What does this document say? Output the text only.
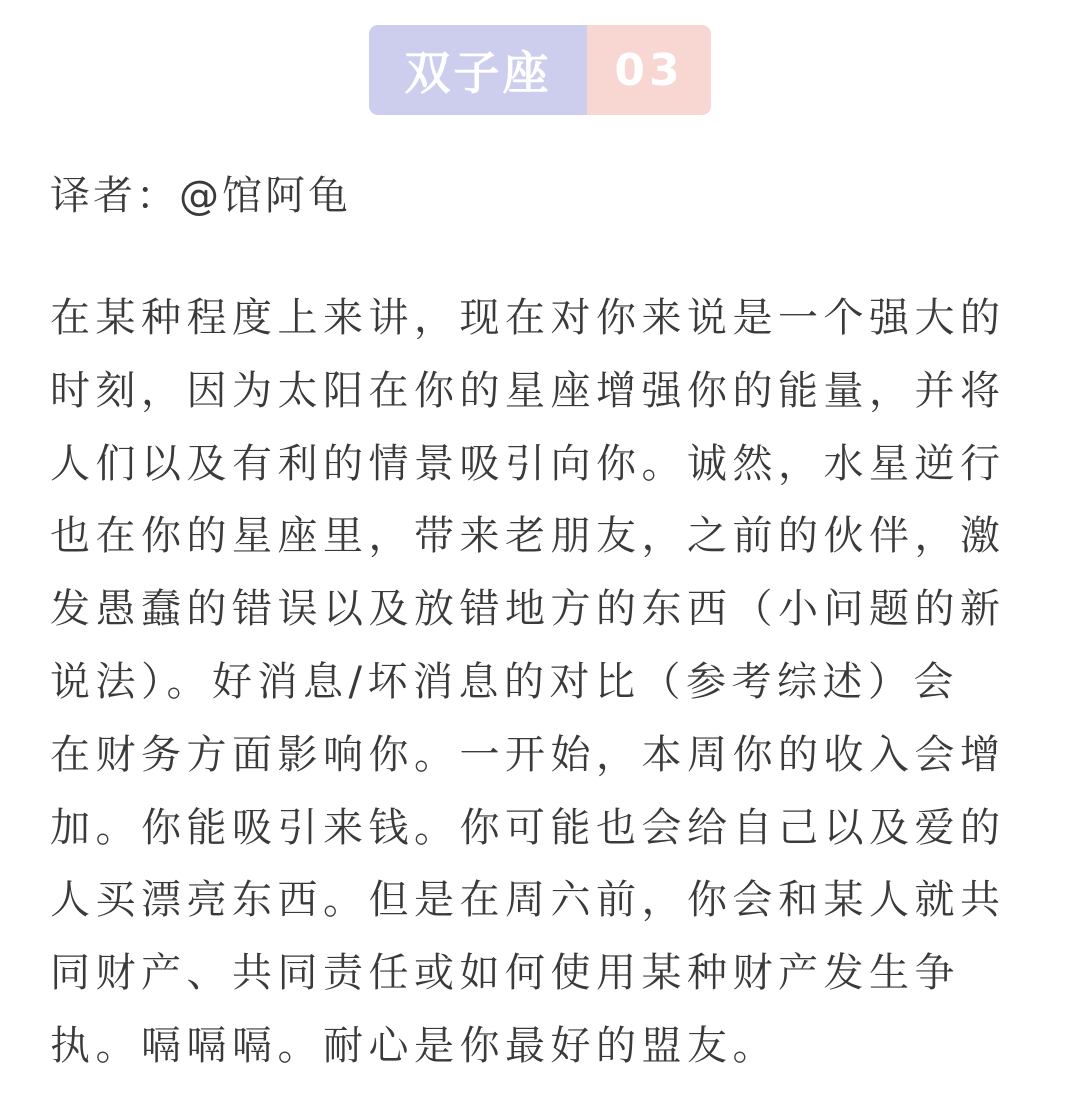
双子座	03
译者：@馆阿龟
在某种程度上来讲，现在对你来说是一个强大的
时刻，因为太阳在你的星座增强你的能量，并将
人们以及有利的情景吸引向你。诚然，水星逆行
也在你的星座里，带来老朋友，之前的伙伴，激
发愚蠢的错误以及放错地方的东西（小问题的新
说法）。好消息/坏消息的对比（参考综述）会
在财务方面影响你。一开始，本周你的收入会增
加。你能吸引来钱。你可能也会给自己以及爱的
人买漂亮东西。但是在周六前，你会和某人就共
同财产、共同责任或如何使用某种财产发生争
执。嗝嗝嗝。耐心是你最好的盟友。
